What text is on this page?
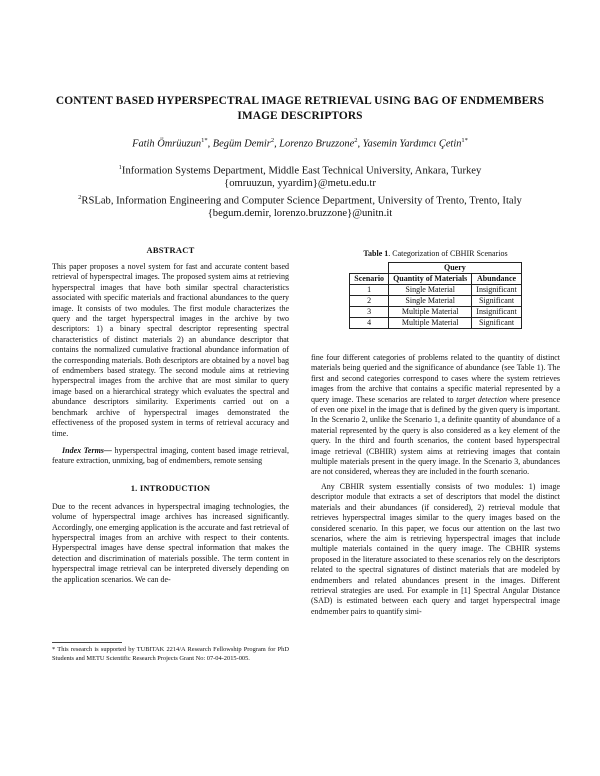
CONTENT BASED HYPERSPECTRAL IMAGE RETRIEVAL USING BAG OF ENDMEMBERS
IMAGE DESCRIPTORS
Fatih Ömrüuzun$^{1*}$, Begüm Demir$^2$, Lorenzo Bruzzone$^2$, Yasemin Yardımcı Çetin$^{1*}$
$^1$Information Systems Department, Middle East Technical University, Ankara, Turkey
{omruuzun, yyardim}@metu.edu.tr
$^2$RSLab, Information Engineering and Computer Science Department, University of Trento, Trento, Italy
{begum.demir, lorenzo.bruzzone}@unitn.it
ABSTRACT

This paper proposes a novel system for fast and accurate content based retrieval of hyperspectral images. The proposed system aims at retrieving hyperspectral images that have both similar spectral characteristics associated with specific materials and fractional abundances to the query image. It consists of two modules. The first module characterizes the query and the target hyperspectral images in the archive by two descriptors: 1) a binary spectral descriptor representing spectral characteristics of distinct materials 2) an abundance descriptor that contains the normalized cumulative fractional abundance information of the corresponding materials. Both descriptors are obtained by a novel bag of endmembers based strategy. The second module aims at retrieving hyperspectral images from the archive that are most similar to query image based on a hierarchical strategy which evaluates the spectral and abundance descriptors similarity. Experiments carried out on a benchmark archive of hyperspectral images demonstrated the effectiveness of the proposed system in terms of retrieval accuracy and time.

Index Terms— hyperspectral imaging, content based image retrieval, feature extraction, unmixing, bag of endmembers, remote sensing

1. INTRODUCTION

Due to the recent advances in hyperspectral imaging technologies, the volume of hyperspectral image archives has increased significantly. Accordingly, one emerging application is the accurate and fast retrieval of hyperspectral images from an archive with respect to their contents. Hyperspectral images have dense spectral information that makes the detection and discrimination of materials possible. The term content in hyperspectral image retrieval can be interpreted diversely depending on the application scenarios. We can de-

* This research is supported by TUBITAK 2214/A Research Fellowship Program for PhD Students and METU Scientific Research Projects Grant No: 07-04-2015-005.
Table 1. Categorization of CBHIR Scenarios
	Query	
Scenario	Quantity of Materials	Abundance
1	Single Material	Insignificant
2	Single Material	Significant
3	Multiple Material	Insignificant
4	Multiple Material	Significant

fine four different categories of problems related to the quantity of distinct materials being queried and the significance of abundance (see Table 1). The first and second categories correspond to cases where the system retrieves images from the archive that contains a specific material represented by a query image. These scenarios are related to target detection where presence of even one pixel in the image that is defined by the given query is important. In the Scenario 2, unlike the Scenario 1, a definite quantity of abundance of a material represented by the query is also considered as a key element of the query. In the third and fourth scenarios, the content based hyperspectral image retrieval (CBHIR) system aims at retrieving images that contain multiple materials present in the query image. In the Scenario 3, abundances are not considered, whereas they are included in the fourth scenario.

Any CBHIR system essentially consists of two modules: 1) image descriptor module that extracts a set of descriptors that model the distinct materials and their abundances (if considered), 2) retrieval module that retrieves hyperspectral images similar to the query images based on the considered scenario. In this paper, we focus our attention on the last two scenarios, where the aim is retrieving hyperspectral images that include multiple materials contained in the query image. The CBHIR systems proposed in the literature associated to these scenarios rely on the descriptors related to the spectral signatures of distinct materials that are modeled by endmembers and related abundances present in the images. Different retrieval strategies are used. For example in [1] Spectral Angular Distance (SAD) is estimated between each query and target hyperspectral image endmember pairs to quantify simi-
